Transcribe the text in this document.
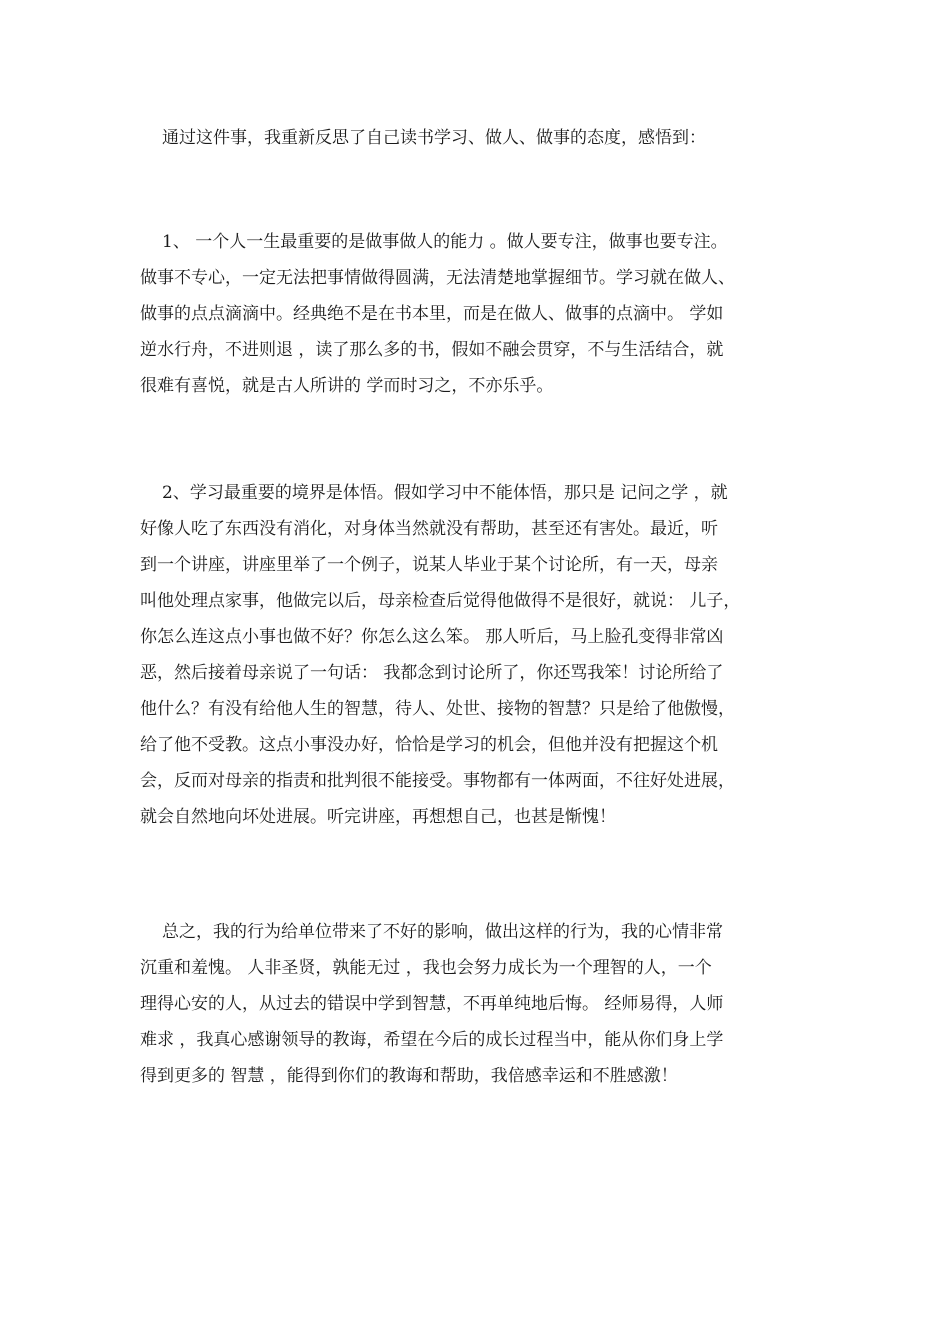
通过这件事，我重新反思了自己读书学习、做人、做事的态度，感悟到：

1、 一个人一生最重要的是做事做人的能力 。做人要专注，做事也要专注。
做事不专心，一定无法把事情做得圆满，无法清楚地掌握细节。学习就在做人、
做事的点点滴滴中。经典绝不是在书本里，而是在做人、做事的点滴中。 学如
逆水行舟，不进则退 ，读了那么多的书，假如不融会贯穿，不与生活结合，就
很难有喜悦，就是古人所讲的 学而时习之，不亦乐乎。

2、学习最重要的境界是体悟。假如学习中不能体悟，那只是 记问之学 ，就
好像人吃了东西没有消化，对身体当然就没有帮助，甚至还有害处。最近，听
到一个讲座，讲座里举了一个例子，说某人毕业于某个讨论所，有一天，母亲
叫他处理点家事，他做完以后，母亲检查后觉得他做得不是很好，就说： 儿子，
你怎么连这点小事也做不好？你怎么这么笨。 那人听后，马上脸孔变得非常凶
恶，然后接着母亲说了一句话： 我都念到讨论所了，你还骂我笨！讨论所给了
他什么？有没有给他人生的智慧，待人、处世、接物的智慧？只是给了他傲慢，
给了他不受教。这点小事没办好，恰恰是学习的机会，但他并没有把握这个机
会，反而对母亲的指责和批判很不能接受。事物都有一体两面，不往好处进展，
就会自然地向坏处进展。听完讲座，再想想自己，也甚是惭愧！

总之，我的行为给单位带来了不好的影响，做出这样的行为，我的心情非常
沉重和羞愧。 人非圣贤，孰能无过 ，我也会努力成长为一个理智的人，一个
理得心安的人，从过去的错误中学到智慧，不再单纯地后悔。 经师易得，人师
难求 ，我真心感谢领导的教诲，希望在今后的成长过程当中，能从你们身上学
得到更多的 智慧 ，能得到你们的教诲和帮助，我倍感幸运和不胜感激！
